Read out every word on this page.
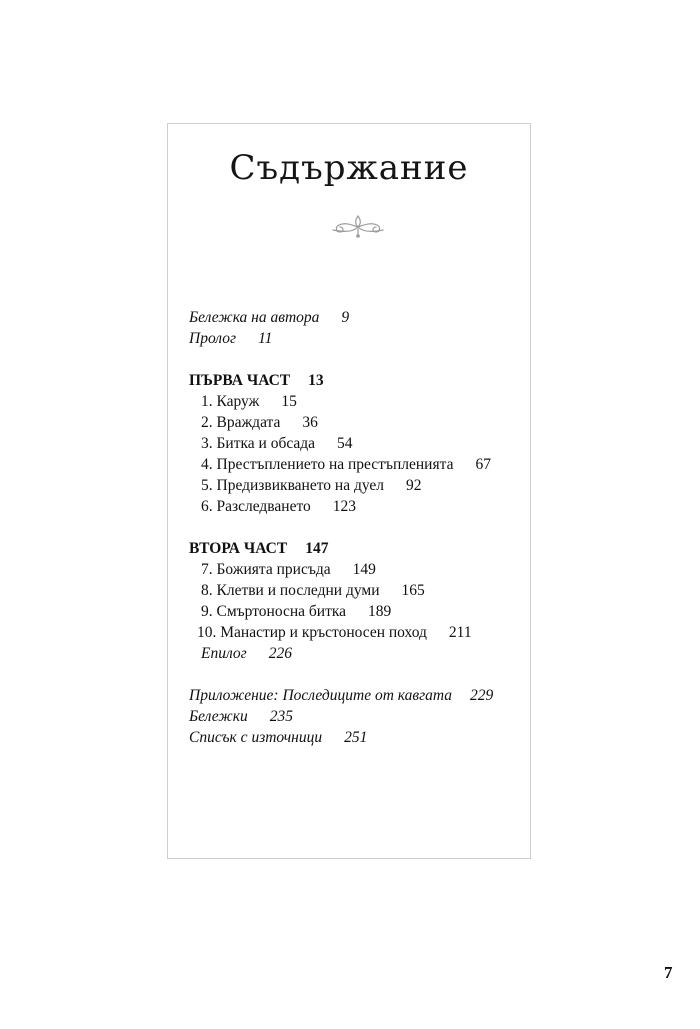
Съдържание
Бележка на автора 9
Пролог 11
ПЪРВА ЧАСТ 13
1. Каруж 15
2. Враждата 36
3. Битка и обсада 54
4. Престъплението на престъпленията 67
5. Предизвикването на дуел 92
6. Разследването 123
ВТОРА ЧАСТ 147
7. Божията присъда 149
8. Клетви и последни думи 165
9. Смъртоносна битка 189
10. Манастир и кръстоносен поход 211
Епилог 226
Приложение: Последиците от кавгата 229
Бележки 235
Списък с източници 251
7
